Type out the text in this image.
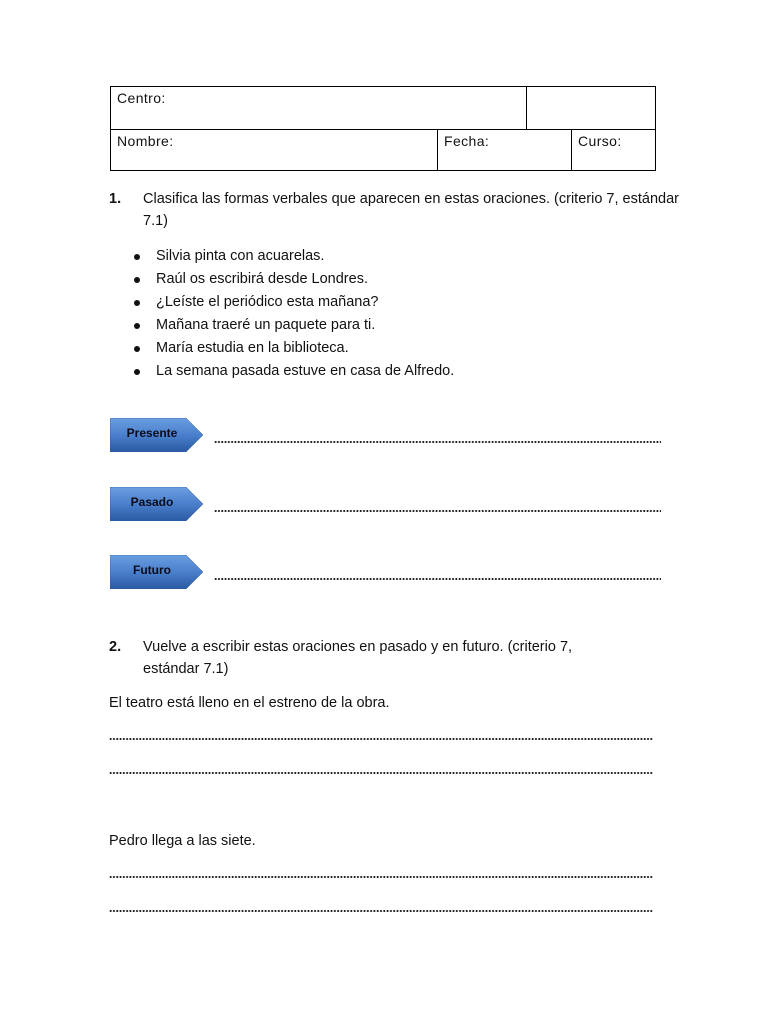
Centro:
Nombre:	Fecha:	Curso:
1. Clasifica las formas verbales que aparecen en estas oraciones. (criterio 7, estándar
7.1)
Silvia pinta con acuarelas.
Raúl os escribirá desde Londres.
¿Leíste el periódico esta mañana?
Mañana traeré un paquete para ti.
María estudia en la biblioteca.
La semana pasada estuve en casa de Alfredo.
Presente
Pasado
Futuro
2. Vuelve a escribir estas oraciones en pasado y en futuro. (criterio 7,
estándar 7.1)
El teatro está lleno en el estreno de la obra.
Pedro llega a las siete.
